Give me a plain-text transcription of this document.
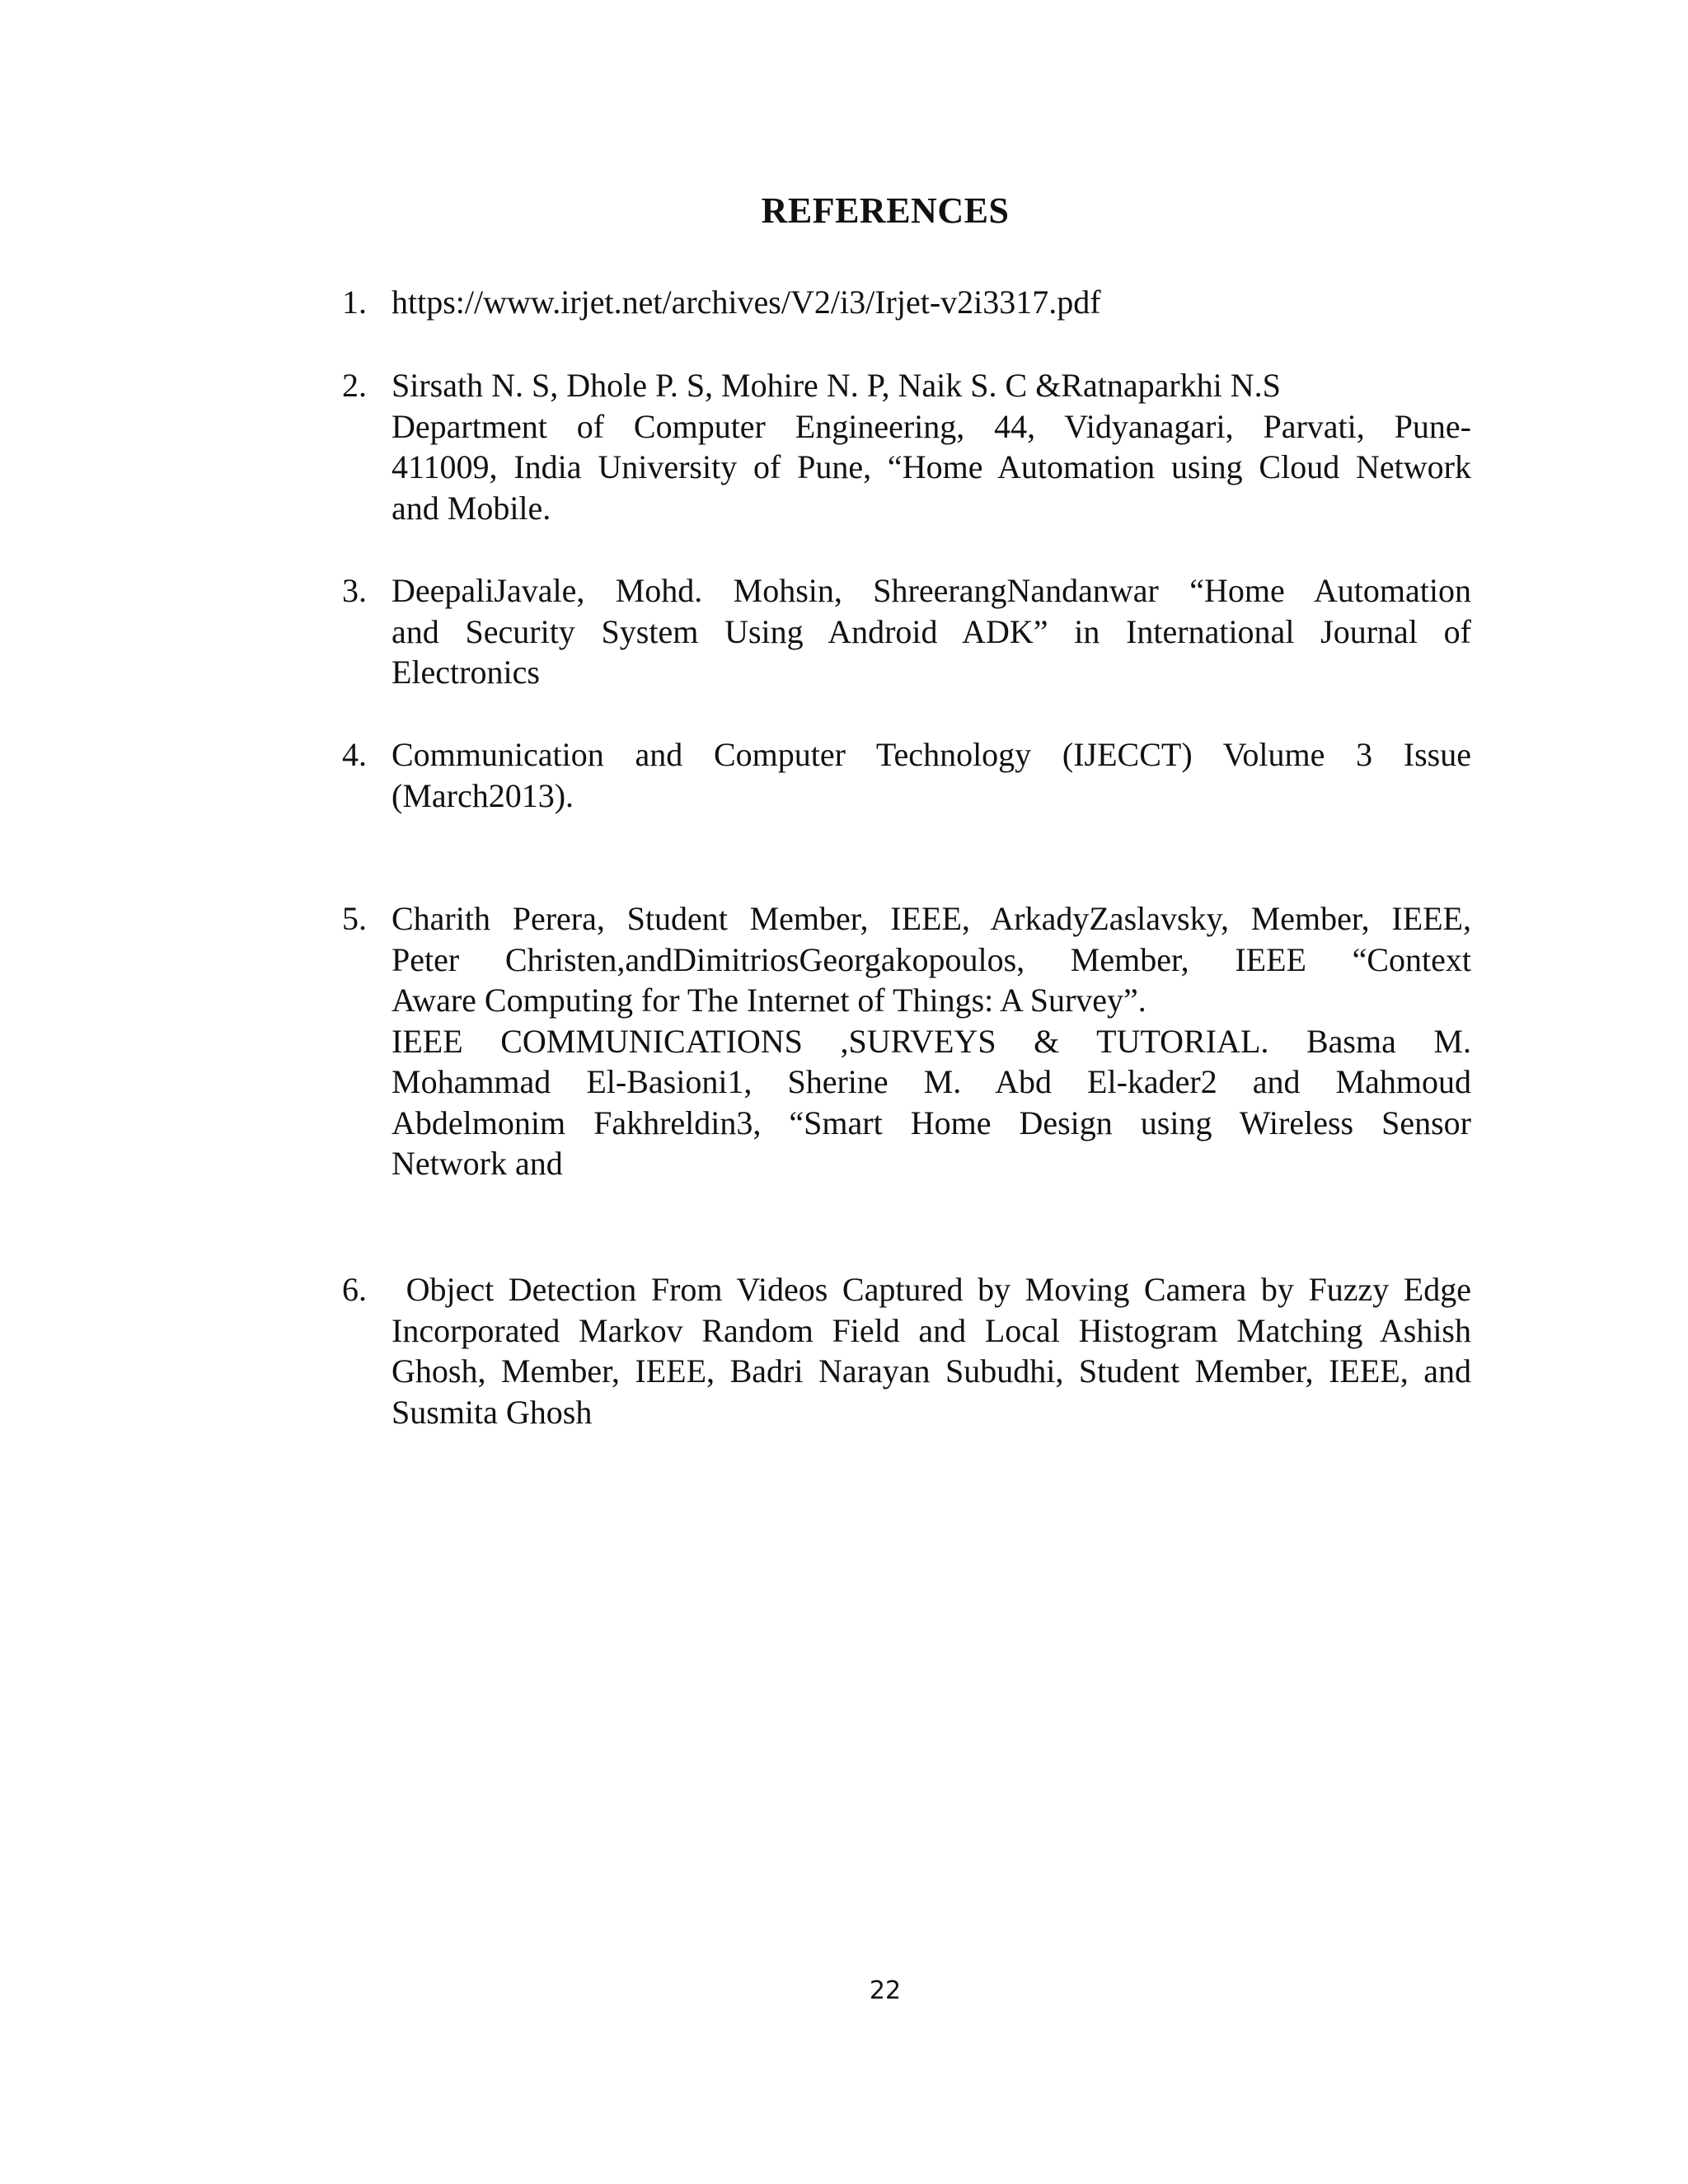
REFERENCES
1. https://www.irjet.net/archives/V2/i3/Irjet-v2i3317.pdf
2. Sirsath N. S, Dhole P. S, Mohire N. P, Naik S. C &Ratnaparkhi N.S
Department of Computer Engineering, 44, Vidyanagari, Parvati, Pune-
411009, India University of Pune, “Home Automation using Cloud Network
and Mobile.
3. DeepaliJavale, Mohd. Mohsin, ShreerangNandanwar “Home Automation
and Security System Using Android ADK” in International Journal of
Electronics
4. Communication and Computer Technology (IJECCT) Volume 3 Issue
(March2013).
5. Charith Perera, Student Member, IEEE, ArkadyZaslavsky, Member, IEEE,
Peter Christen,andDimitriosGeorgakopoulos, Member, IEEE “Context
Aware Computing for The Internet of Things: A Survey”.
IEEE COMMUNICATIONS ,SURVEYS & TUTORIAL. Basma M.
Mohammad El-Basioni1, Sherine M. Abd El-kader2 and Mahmoud
Abdelmonim Fakhreldin3, “Smart Home Design using Wireless Sensor
Network and
6. Object Detection From Videos Captured by Moving Camera by Fuzzy Edge
Incorporated Markov Random Field and Local Histogram Matching Ashish
Ghosh, Member, IEEE, Badri Narayan Subudhi, Student Member, IEEE, and
Susmita Ghosh
22
